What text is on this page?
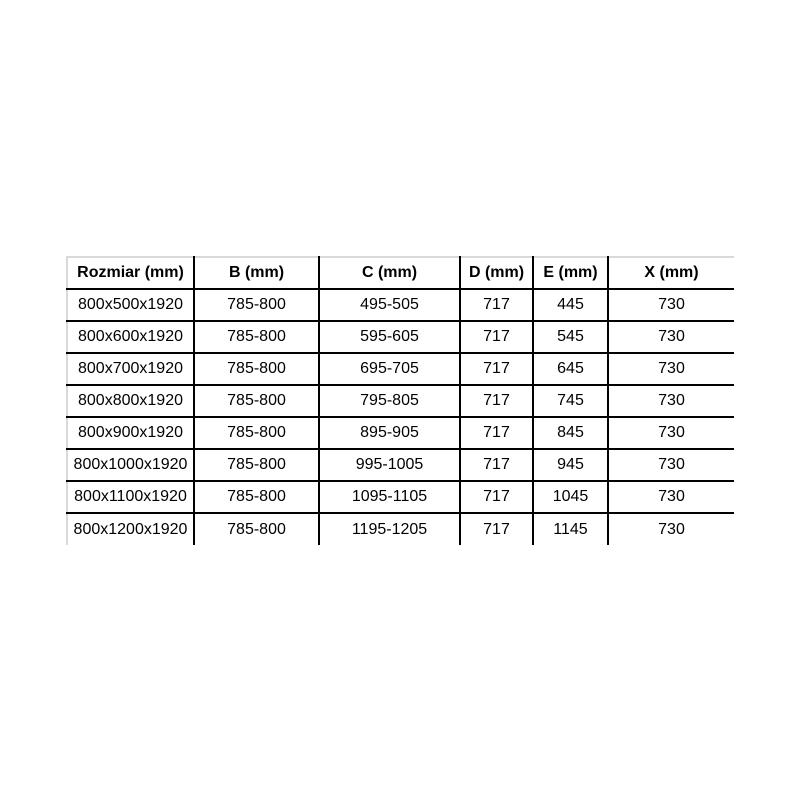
Rozmiar (mm)	B (mm)	C (mm)	D (mm)	E (mm)	X (mm)
800x500x1920	785-800	495-505	717	445	730
800x600x1920	785-800	595-605	717	545	730
800x700x1920	785-800	695-705	717	645	730
800x800x1920	785-800	795-805	717	745	730
800x900x1920	785-800	895-905	717	845	730
800x1000x1920	785-800	995-1005	717	945	730
800x1100x1920	785-800	1095-1105	717	1045	730
800x1200x1920	785-800	1195-1205	717	1145	730
